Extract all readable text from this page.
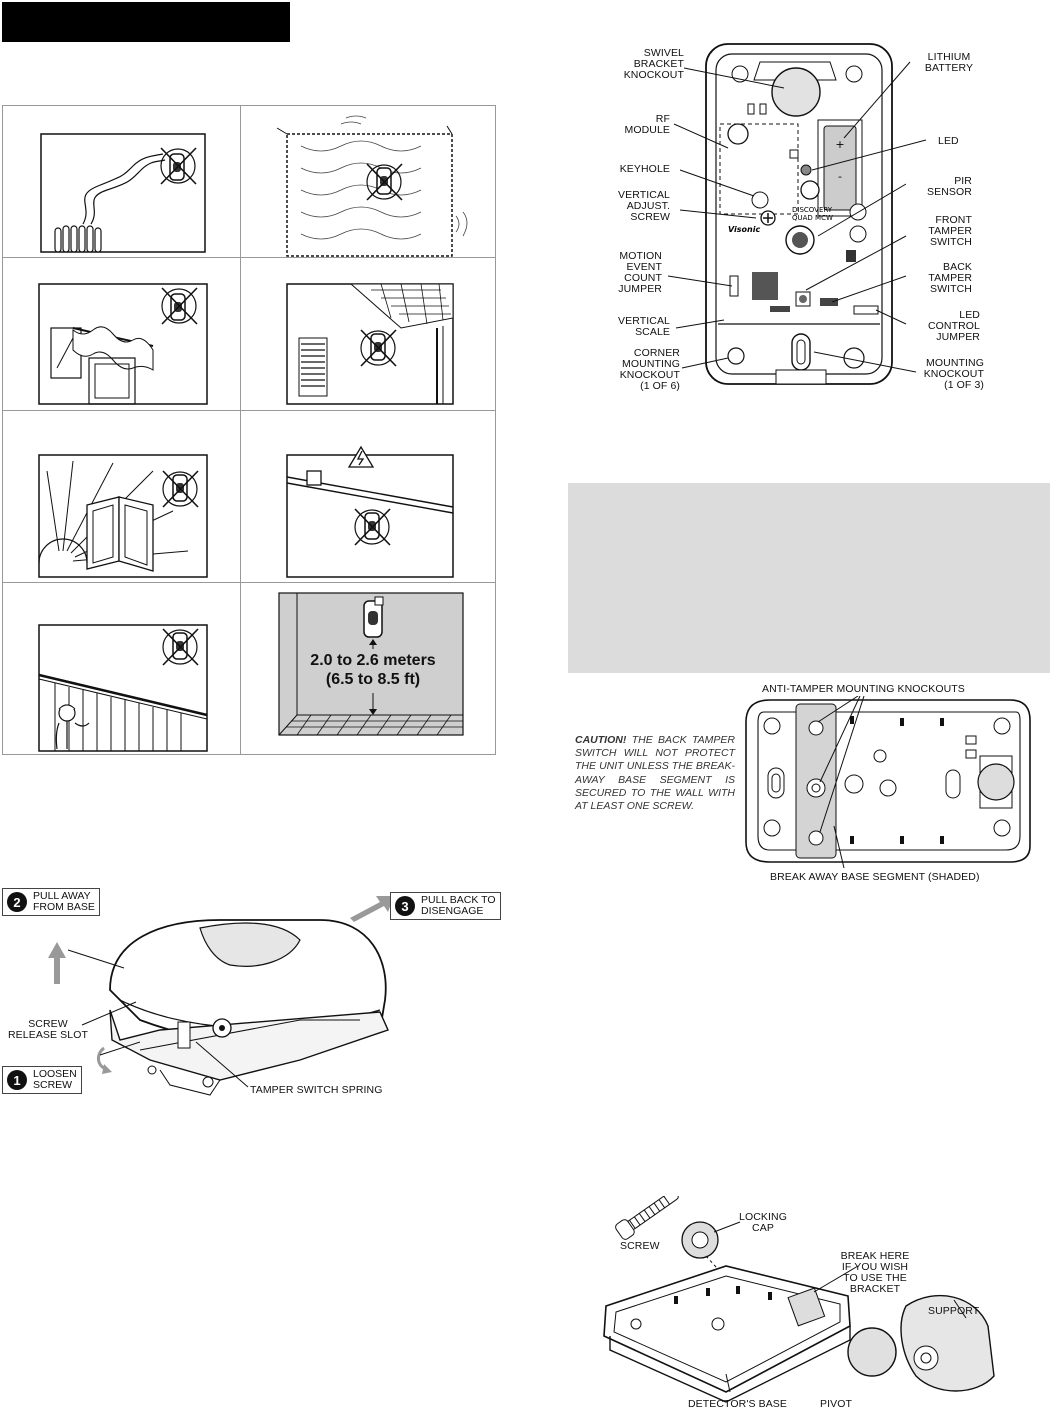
2.0 to 2.6 meters
(6.5 to 8.5 ft)
2	PULL AWAY
FROM BASE	3	PULL BACK TO
DISENGAGE
1	LOOSEN
SCREW
SCREW
RELEASE SLOT
TAMPER SWITCH SPRING
+
-
DISCOVERY
QUAD MCW
Visonic
SWIVEL
BRACKET
KNOCKOUT
RF
MODULE
KEYHOLE
VERTICAL
ADJUST.
SCREW
MOTION
EVENT
COUNT
JUMPER
VERTICAL
SCALE
CORNER
MOUNTING
KNOCKOUT
(1 OF 6)
LITHIUM
BATTERY
LED
PIR
SENSOR
FRONT
TAMPER
SWITCH
BACK
TAMPER
SWITCH
LED
CONTROL
JUMPER
MOUNTING
KNOCKOUT
(1 OF 3)
ANTI-TAMPER MOUNTING KNOCKOUTS
BREAK AWAY BASE SEGMENT (SHADED)
CAUTION! THE BACK TAMPER SWITCH WILL NOT PROTECT THE UNIT UNLESS THE BREAK-AWAY BASE SEGMENT IS SECURED TO THE WALL WITH AT LEAST ONE SCREW.
SCREW
LOCKING
CAP
BREAK HERE
IF YOU WISH
TO USE THE
BRACKET
SUPPORT
PIVOT
DETECTOR'S BASE
